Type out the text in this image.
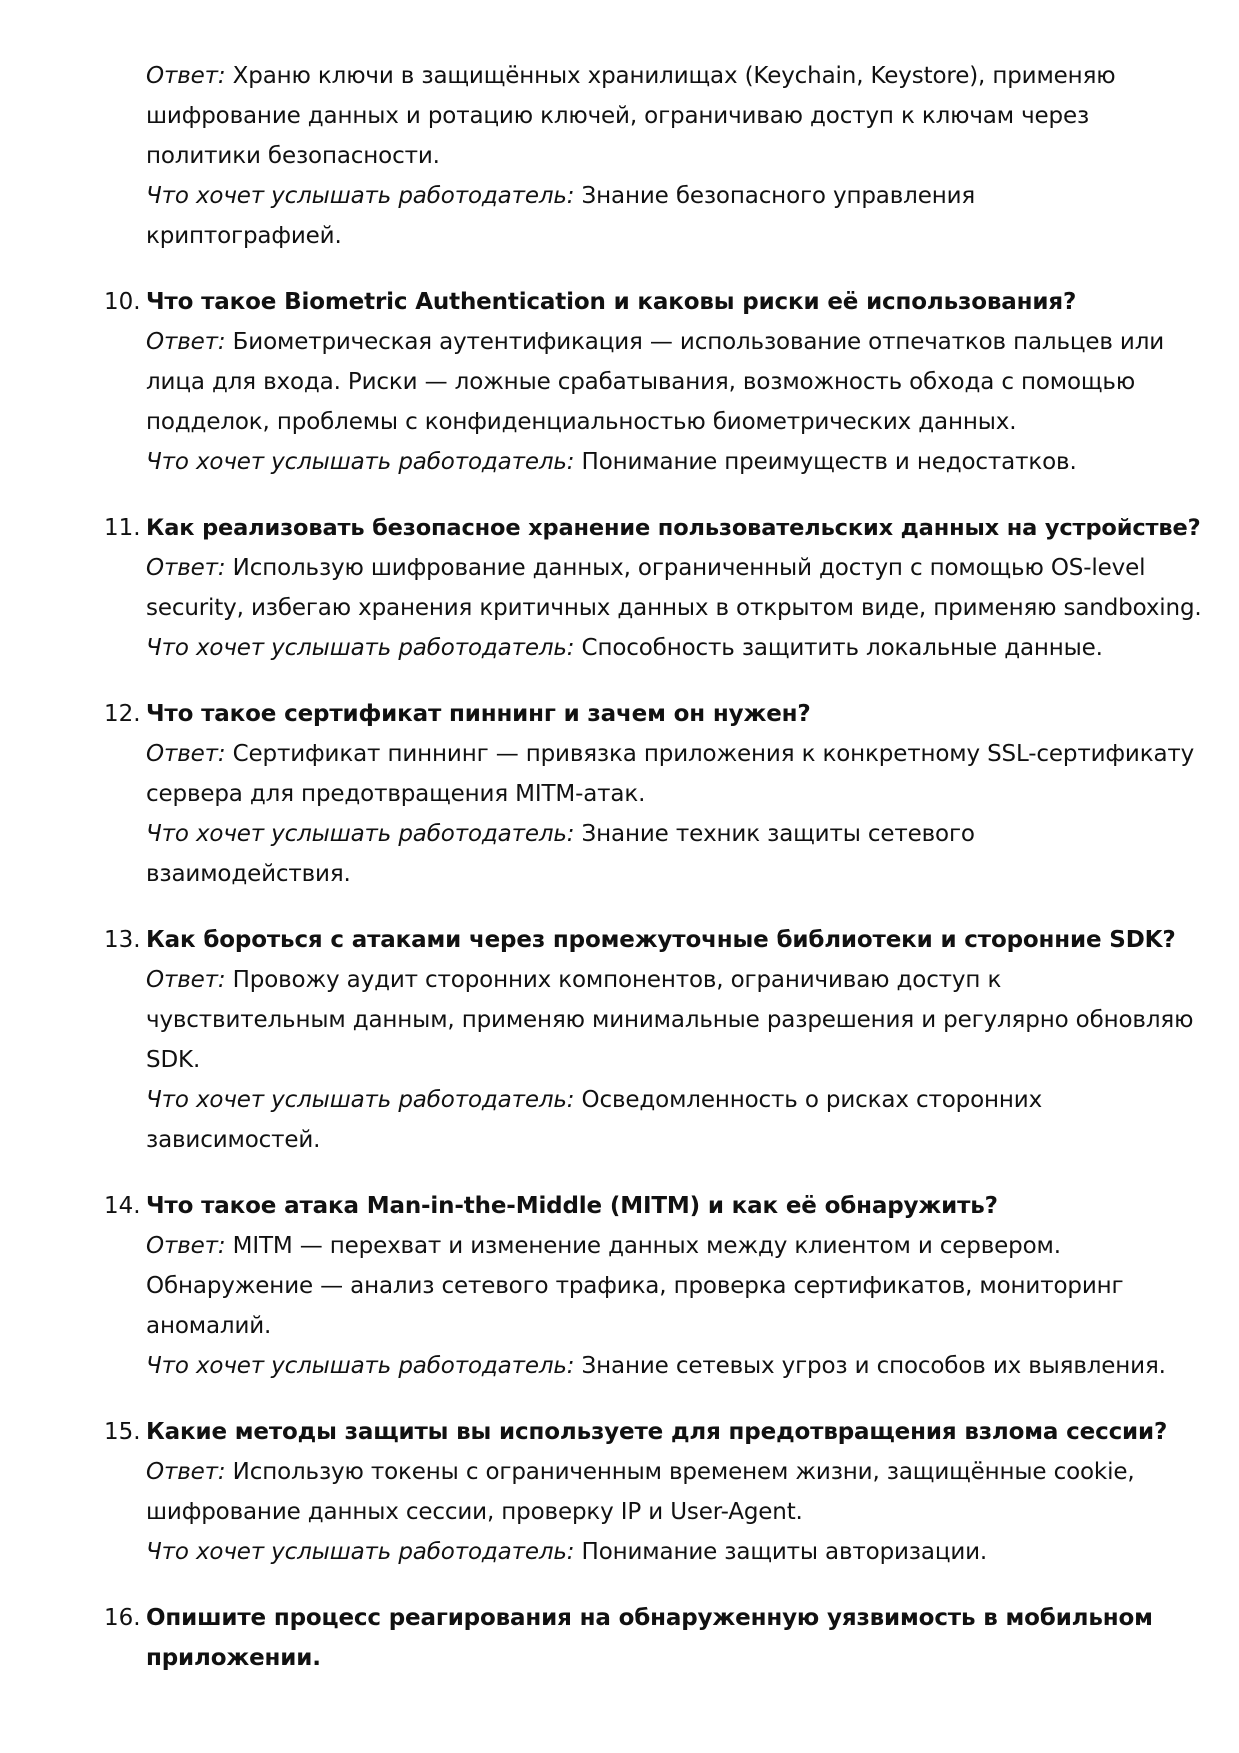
Ответ: Храню ключи в защищённых хранилищах (Keychain, Keystore), применяю
шифрование данных и ротацию ключей, ограничиваю доступ к ключам через
политики безопасности.
Что хочет услышать работодатель: Знание безопасного управления
криптографией.
10. Что такое Biometric Authentication и каковы риски её использования?
Ответ: Биометрическая аутентификация — использование отпечатков пальцев или
лица для входа. Риски — ложные срабатывания, возможность обхода с помощью
подделок, проблемы с конфиденциальностью биометрических данных.
Что хочет услышать работодатель: Понимание преимуществ и недостатков.
11. Как реализовать безопасное хранение пользовательских данных на устройстве?
Ответ: Использую шифрование данных, ограниченный доступ с помощью OS-level
security, избегаю хранения критичных данных в открытом виде, применяю sandboxing.
Что хочет услышать работодатель: Способность защитить локальные данные.
12. Что такое сертификат пиннинг и зачем он нужен?
Ответ: Сертификат пиннинг — привязка приложения к конкретному SSL-сертификату
сервера для предотвращения MITM-атак.
Что хочет услышать работодатель: Знание техник защиты сетевого
взаимодействия.
13. Как бороться с атаками через промежуточные библиотеки и сторонние SDK?
Ответ: Провожу аудит сторонних компонентов, ограничиваю доступ к
чувствительным данным, применяю минимальные разрешения и регулярно обновляю
SDK.
Что хочет услышать работодатель: Осведомленность о рисках сторонних
зависимостей.
14. Что такое атака Man-in-the-Middle (MITM) и как её обнаружить?
Ответ: MITM — перехват и изменение данных между клиентом и сервером.
Обнаружение — анализ сетевого трафика, проверка сертификатов, мониторинг
аномалий.
Что хочет услышать работодатель: Знание сетевых угроз и способов их выявления.
15. Какие методы защиты вы используете для предотвращения взлома сессии?
Ответ: Использую токены с ограниченным временем жизни, защищённые cookie,
шифрование данных сессии, проверку IP и User-Agent.
Что хочет услышать работодатель: Понимание защиты авторизации.
16. Опишите процесс реагирования на обнаруженную уязвимость в мобильном
приложении.
